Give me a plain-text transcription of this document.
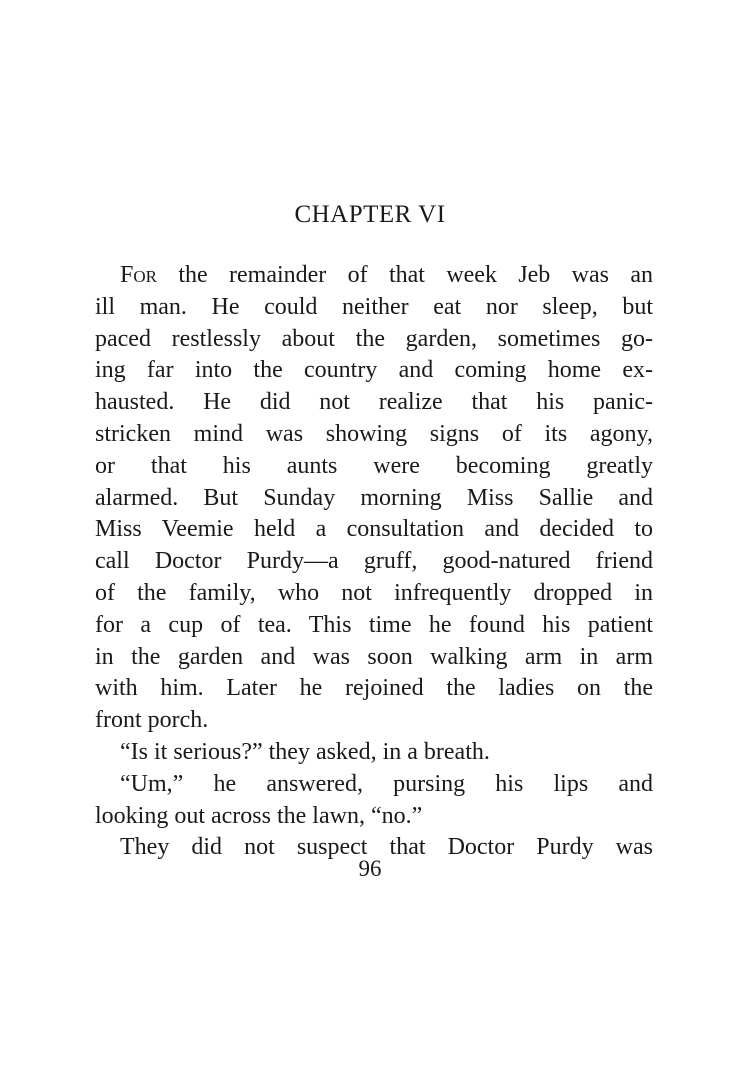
CHAPTER VI
For the remainder of that week Jeb was an
ill man. He could neither eat nor sleep, but
paced restlessly about the garden, sometimes go-
ing far into the country and coming home ex-
hausted. He did not realize that his panic-
stricken mind was showing signs of its agony,
or that his aunts were becoming greatly
alarmed. But Sunday morning Miss Sallie and
Miss Veemie held a consultation and decided to
call Doctor Purdy—a gruff, good-natured friend
of the family, who not infrequently dropped in
for a cup of tea. This time he found his patient
in the garden and was soon walking arm in arm
with him. Later he rejoined the ladies on the
front porch.
“Is it serious?” they asked, in a breath.
“Um,” he answered, pursing his lips and
looking out across the lawn, “no.”
They did not suspect that Doctor Purdy was
96
